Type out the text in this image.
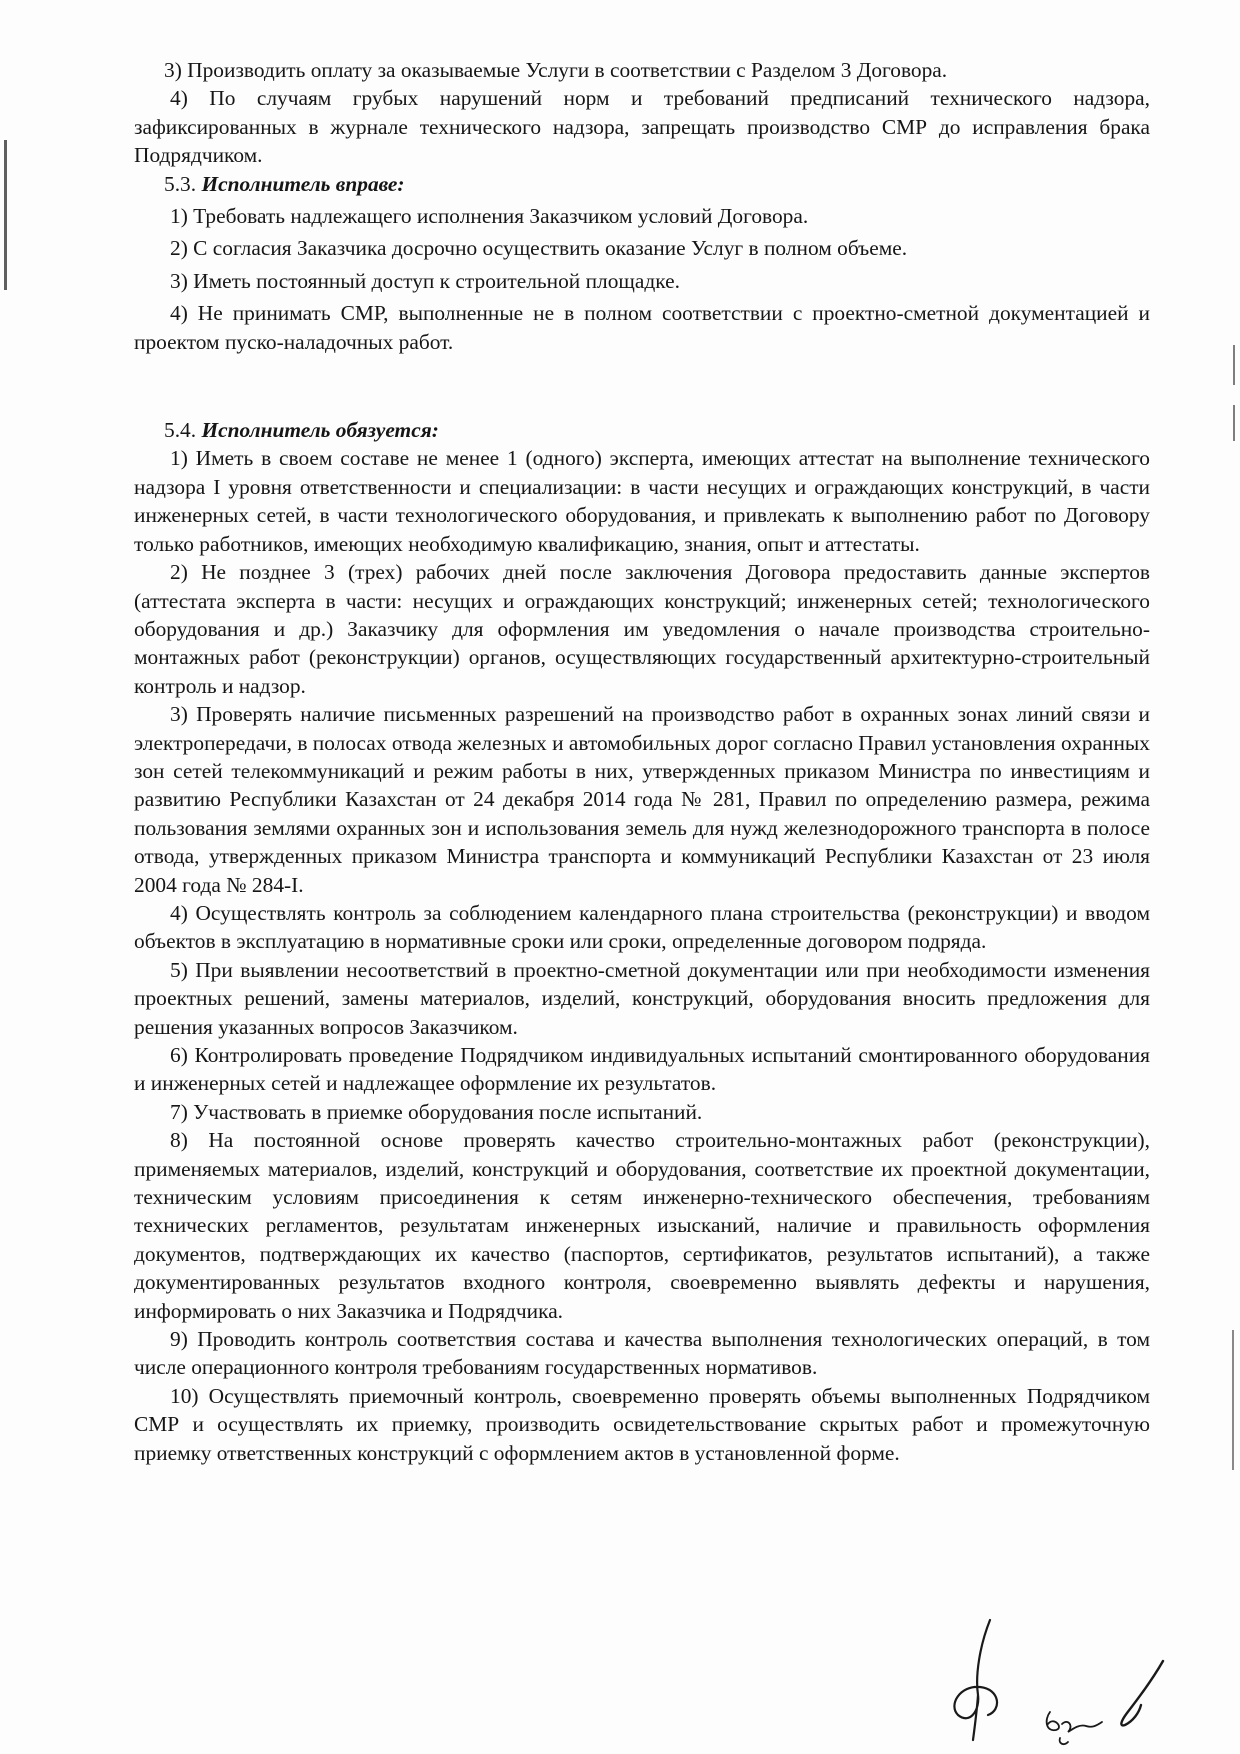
3) Производить оплату за оказываемые Услуги в соответствии с Разделом 3 Договора.

4) По случаям грубых нарушений норм и требований предписаний технического надзора, зафиксированных в журнале технического надзора, запрещать производство СМР до исправления брака Подрядчиком.

5.3. Исполнитель вправе:

1) Требовать надлежащего исполнения Заказчиком условий Договора.

2) С согласия Заказчика досрочно осуществить оказание Услуг в полном объеме.

3) Иметь постоянный доступ к строительной площадке.

4) Не принимать СМР, выполненные не в полном соответствии с проектно-сметной документацией и проектом пуско-наладочных работ.

5.4. Исполнитель обязуется:

1) Иметь в своем составе не менее 1 (одного) эксперта, имеющих аттестат на выполнение технического надзора I уровня ответственности и специализации: в части несущих и ограждающих конструкций, в части инженерных сетей, в части технологического оборудования, и привлекать к выполнению работ по Договору только работников, имеющих необходимую квалификацию, знания, опыт и аттестаты.

2) Не позднее 3 (трех) рабочих дней после заключения Договора предоставить данные экспертов (аттестата эксперта в части: несущих и ограждающих конструкций; инженерных сетей; технологического оборудования и др.) Заказчику для оформления им уведомления о начале производства строительно-монтажных работ (реконструкции) органов, осуществляющих государственный архитектурно-строительный контроль и надзор.

3) Проверять наличие письменных разрешений на производство работ в охранных зонах линий связи и электропередачи, в полосах отвода железных и автомобильных дорог согласно Правил установления охранных зон сетей телекоммуникаций и режим работы в них, утвержденных приказом Министра по инвестициям и развитию Республики Казахстан от 24 декабря 2014 года № 281, Правил по определению размера, режима пользования землями охранных зон и использования земель для нужд железнодорожного транспорта в полосе отвода, утвержденных приказом Министра транспорта и коммуникаций Республики Казахстан от 23 июля 2004 года № 284-I.

4) Осуществлять контроль за соблюдением календарного плана строительства (реконструкции) и вводом объектов в эксплуатацию в нормативные сроки или сроки, определенные договором подряда.

5) При выявлении несоответствий в проектно-сметной документации или при необходимости изменения проектных решений, замены материалов, изделий, конструкций, оборудования вносить предложения для решения указанных вопросов Заказчиком.

6) Контролировать проведение Подрядчиком индивидуальных испытаний смонтированного оборудования и инженерных сетей и надлежащее оформление их результатов.

7) Участвовать в приемке оборудования после испытаний.

8) На постоянной основе проверять качество строительно-монтажных работ (реконструкции), применяемых материалов, изделий, конструкций и оборудования, соответствие их проектной документации, техническим условиям присоединения к сетям инженерно-технического обеспечения, требованиям технических регламентов, результатам инженерных изысканий, наличие и правильность оформления документов, подтверждающих их качество (паспортов, сертификатов, результатов испытаний), а также документированных результатов входного контроля, своевременно выявлять дефекты и нарушения, информировать о них Заказчика и Подрядчика.

9) Проводить контроль соответствия состава и качества выполнения технологических операций, в том числе операционного контроля требованиям государственных нормативов.

10) Осуществлять приемочный контроль, своевременно проверять объемы выполненных Подрядчиком СМР и осуществлять их приемку, производить освидетельствование скрытых работ и промежуточную приемку ответственных конструкций с оформлением актов в установленной форме.
